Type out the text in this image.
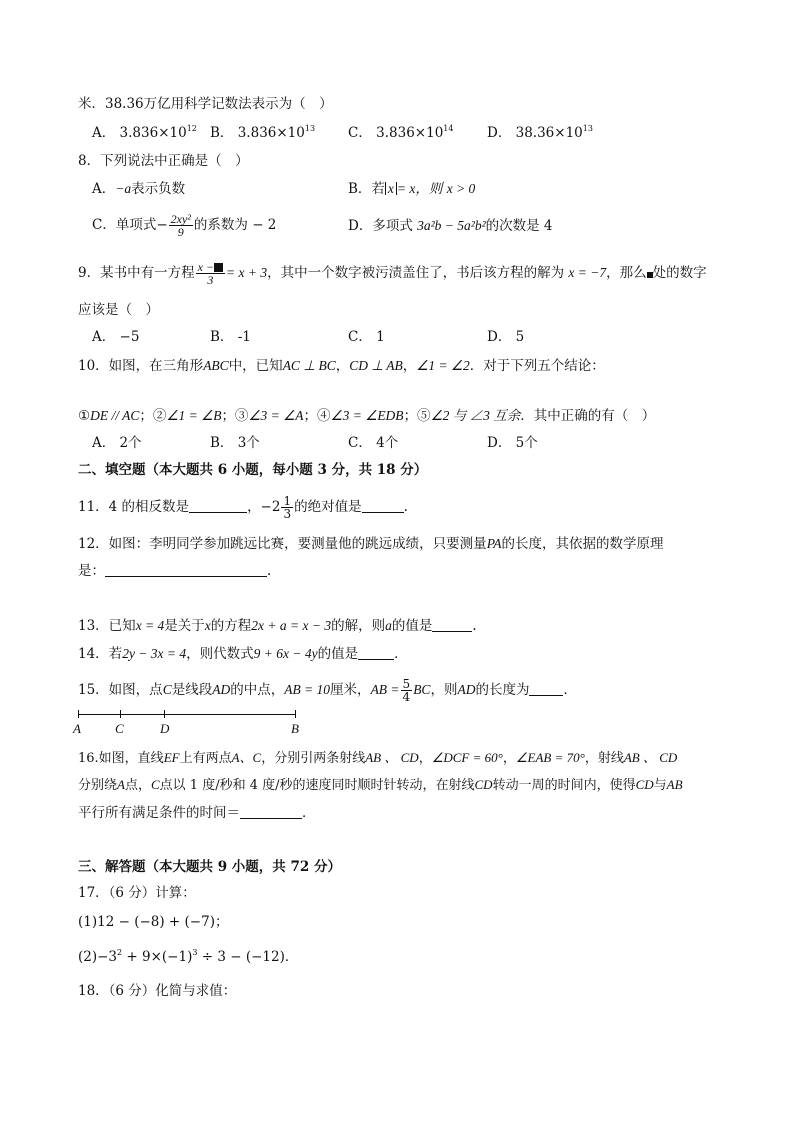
米．38.36万亿用科学记数法表示为（　）
A． $3.836\times 10^{12}$ B． $3.836\times 10^{13}$ C． $3.836\times 10^{14}$ D． $38.36\times 10^{13}$
8．下列说法中正确是（　）
A．−a表示负数	B．若 x = x，则 x > 0
C．单项式− $\frac{\text{2xy²}}{9}$ 的系数为 − 2	D．多项式 3a²b − 5a²b²的次数是 4
9．某书中有一方程 $\frac{x -}{3} = x + 3$，其中一个数字被污渍盖住了，书后该方程的解为 x = −7，那么 处的数字
应该是（　）
A． −5	B． -1	C． 1	D． 5
10．如图，在三角形ABC中，已知AC ⊥ BC，CD ⊥ AB，∠1 = ∠2．对于下列五个结论：
①DE // AC；②∠1 = ∠B；③∠3 = ∠A；④∠3 = ∠EDB；⑤∠2 与 ∠3 互余．其中正确的有（　）
A． 2个	B． 3个	C． 4个	D． 5个
二、填空题（本大题共 6 小题，每小题 3 分，共 18 分）
11．4 的相反数是	，$-2 \frac{1}{3}$ 的绝对值是	.
12．如图：李明同学参加跳远比赛，要测量他的跳远成绩，只要测量PA的长度，其依据的数学原理
是：	.
13．已知x = 4是关于x的方程2x + a = x − 3的解，则a的值是	.
14．若2y − 3x = 4，则代数式9 + 6x − 4y的值是	．
15．如图，点C是线段AD的中点，AB = 10厘米，AB = $\frac{5}{4}$ BC，则AD的长度为	．
A	C	D	B
16.如图，直线EF上有两点A、C，分别引两条射线AB 、 CD，∠DCF = 60°，∠EAB = 70°，射线AB 、 CD
分别绕A点，C点以 1 度/秒和 4 度/秒的速度同时顺时针转动，在射线CD转动一周的时间内，使得CD与AB
平行所有满足条件的时间＝	．
三、解答题（本大题共 9 小题，共 72 分）
17．（6 分）计算：
(1)12 − (−8) + (−7)；
$(2)-3^2 + 9\times(-1)^3 \div 3 - (-12)$．
18．（6 分）化简与求值：
